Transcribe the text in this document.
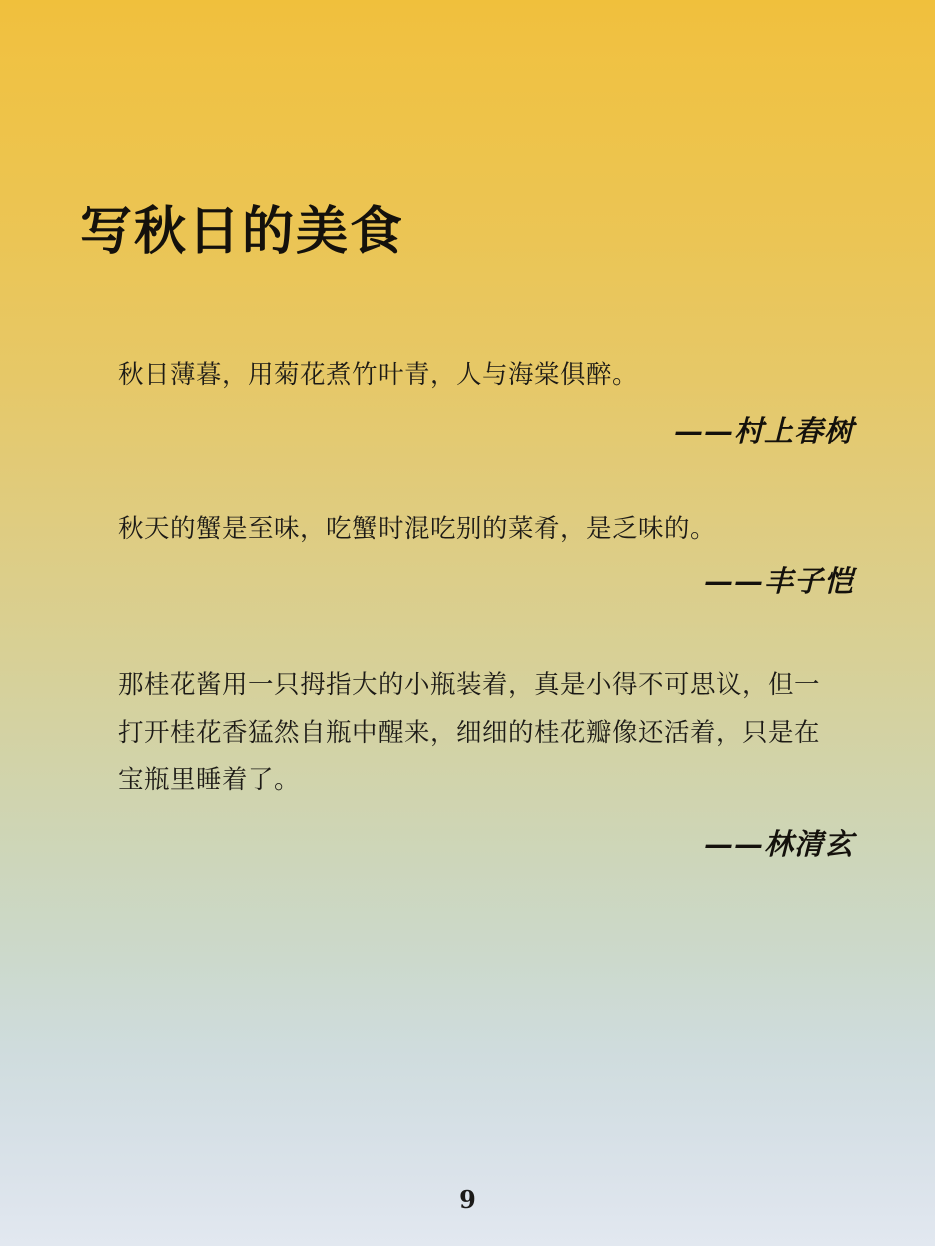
写秋日的美食
秋日薄暮，用菊花煮竹叶青，人与海棠俱醉。
——村上春树
秋天的蟹是至味，吃蟹时混吃别的菜肴，是乏味的。
——丰子恺
那桂花酱用一只拇指大的小瓶装着，真是小得不可思议，但一打开桂花香猛然自瓶中醒来，细细的桂花瓣像还活着，只是在宝瓶里睡着了。
——林清玄
9
